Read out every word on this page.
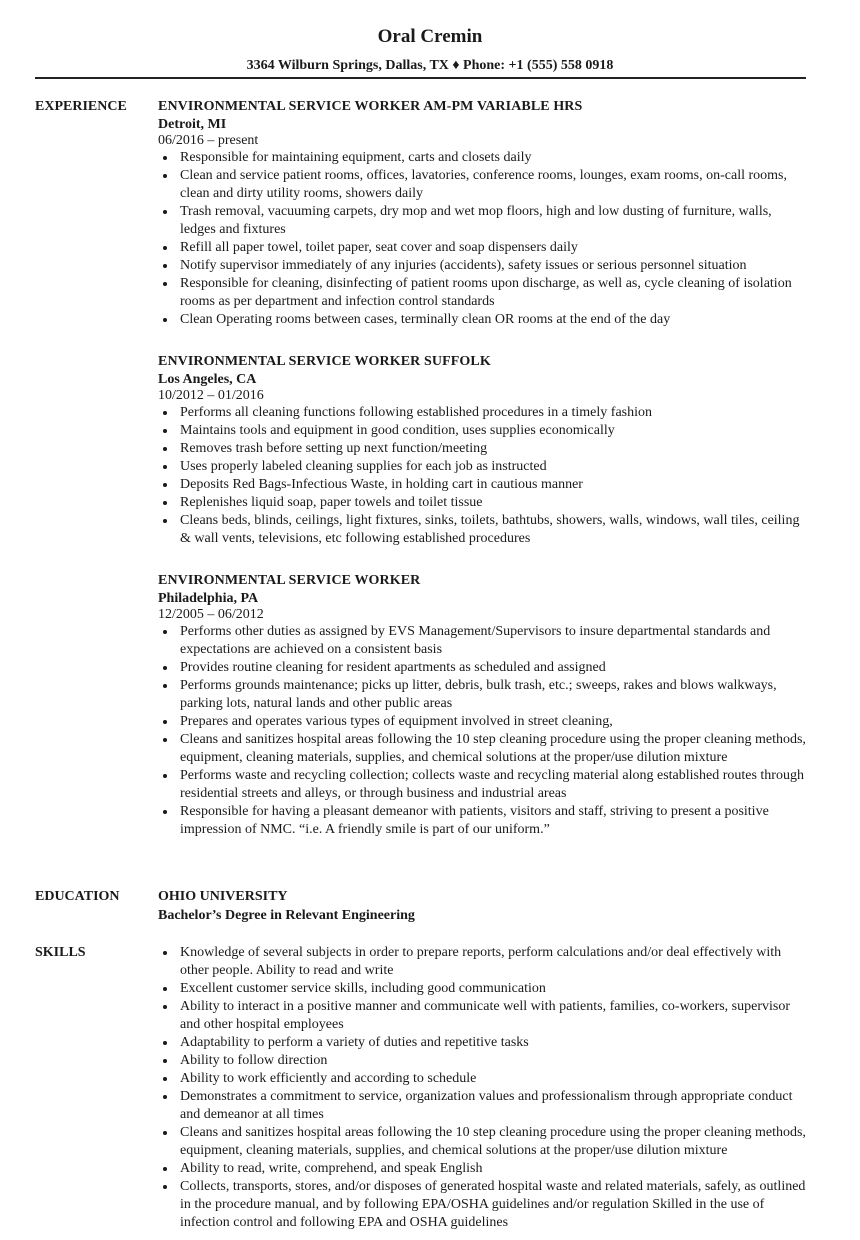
Oral Cremin
3364 Wilburn Springs, Dallas, TX ♦ Phone: +1 (555) 558 0918
EXPERIENCE ENVIRONMENTAL SERVICE WORKER AM-PM VARIABLE HRS
Detroit, MI
06/2016 – present
Responsible for maintaining equipment, carts and closets daily
Clean and service patient rooms, offices, lavatories, conference rooms, lounges, exam rooms, on-call rooms, clean and dirty utility rooms, showers daily
Trash removal, vacuuming carpets, dry mop and wet mop floors, high and low dusting of furniture, walls, ledges and fixtures
Refill all paper towel, toilet paper, seat cover and soap dispensers daily
Notify supervisor immediately of any injuries (accidents), safety issues or serious personnel situation
Responsible for cleaning, disinfecting of patient rooms upon discharge, as well as, cycle cleaning of isolation rooms as per department and infection control standards
Clean Operating rooms between cases, terminally clean OR rooms at the end of the day
ENVIRONMENTAL SERVICE WORKER SUFFOLK
Los Angeles, CA
10/2012 – 01/2016
Performs all cleaning functions following established procedures in a timely fashion
Maintains tools and equipment in good condition, uses supplies economically
Removes trash before setting up next function/meeting
Uses properly labeled cleaning supplies for each job as instructed
Deposits Red Bags-Infectious Waste, in holding cart in cautious manner
Replenishes liquid soap, paper towels and toilet tissue
Cleans beds, blinds, ceilings, light fixtures, sinks, toilets, bathtubs, showers, walls, windows, wall tiles, ceiling & wall vents, televisions, etc following established procedures
ENVIRONMENTAL SERVICE WORKER
Philadelphia, PA
12/2005 – 06/2012
Performs other duties as assigned by EVS Management/Supervisors to insure departmental standards and expectations are achieved on a consistent basis
Provides routine cleaning for resident apartments as scheduled and assigned
Performs grounds maintenance; picks up litter, debris, bulk trash, etc.; sweeps, rakes and blows walkways, parking lots, natural lands and other public areas
Prepares and operates various types of equipment involved in street cleaning,
Cleans and sanitizes hospital areas following the 10 step cleaning procedure using the proper cleaning methods, equipment, cleaning materials, supplies, and chemical solutions at the proper/use dilution mixture
Performs waste and recycling collection; collects waste and recycling material along established routes through residential streets and alleys, or through business and industrial areas
Responsible for having a pleasant demeanor with patients, visitors and staff, striving to present a positive impression of NMC. “i.e. A friendly smile is part of our uniform.”
EDUCATION	OHIO UNIVERSITY
Bachelor’s Degree in Relevant Engineering
SKILLS	Knowledge of several subjects in order to prepare reports, perform calculations and/or deal effectively with other people. Ability to read and write
Excellent customer service skills, including good communication
Ability to interact in a positive manner and communicate well with patients, families, co-workers, supervisor and other hospital employees
Adaptability to perform a variety of duties and repetitive tasks
Ability to follow direction
Ability to work efficiently and according to schedule
Demonstrates a commitment to service, organization values and professionalism through appropriate conduct and demeanor at all times
Cleans and sanitizes hospital areas following the 10 step cleaning procedure using the proper cleaning methods, equipment, cleaning materials, supplies, and chemical solutions at the proper/use dilution mixture
Ability to read, write, comprehend, and speak English
Collects, transports, stores, and/or disposes of generated hospital waste and related materials, safely, as outlined in the procedure manual, and by following EPA/OSHA guidelines and/or regulation Skilled in the use of infection control and following EPA and OSHA guidelines
